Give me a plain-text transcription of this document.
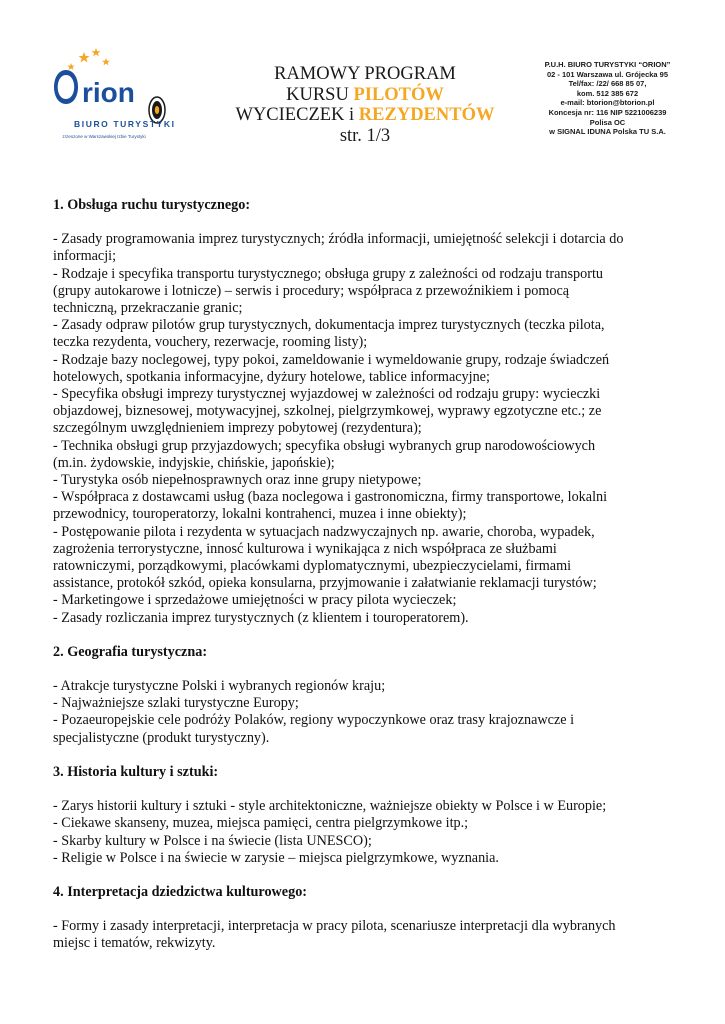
rion
BIURO TURYSTYKI
zrzeszone w Warszawskiej Izbie Turystyki
RAMOWY PROGRAM
KURSU PILOTÓW
WYCIECZEK i REZYDENTÓW
str. 1/3
P.U.H. BIURO TURYSTYKI “ORION”
02 - 101 Warszawa ul. Grójecka 95
Tel/fax: /22/ 668 85 07,
kom. 512 385 672
e-mail: btorion@btorion.pl
Koncesja nr: 116 NIP 5221006239
Polisa OC
w SIGNAL IDUNA Polska TU S.A.

1. Obsługa ruchu turystycznego:

- Zasady programowania imprez turystycznych; źródła informacji, umiejętność selekcji i dotarcia do
informacji;
- Rodzaje i specyfika transportu turystycznego; obsługa grupy z zależności od rodzaju transportu
(grupy autokarowe i lotnicze) – serwis i procedury; współpraca z przewoźnikiem i pomocą
techniczną, przekraczanie granic;
- Zasady odpraw pilotów grup turystycznych, dokumentacja imprez turystycznych (teczka pilota,
teczka rezydenta, vouchery, rezerwacje, rooming listy);
- Rodzaje bazy noclegowej, typy pokoi, zameldowanie i wymeldowanie grupy, rodzaje świadczeń
hotelowych, spotkania informacyjne, dyżury hotelowe, tablice informacyjne;
- Specyfika obsługi imprezy turystycznej wyjazdowej w zależności od rodzaju grupy: wycieczki
objazdowej, biznesowej, motywacyjnej, szkolnej, pielgrzymkowej, wyprawy egzotyczne etc.; ze
szczególnym uwzględnieniem imprezy pobytowej (rezydentura);
- Technika obsługi grup przyjazdowych; specyfika obsługi wybranych grup narodowościowych
(m.in. żydowskie, indyjskie, chińskie, japońskie);
- Turystyka osób niepełnosprawnych oraz inne grupy nietypowe;
- Współpraca z dostawcami usług (baza noclegowa i gastronomiczna, firmy transportowe, lokalni
przewodnicy, touroperatorzy, lokalni kontrahenci, muzea i inne obiekty);
- Postępowanie pilota i rezydenta w sytuacjach nadzwyczajnych np. awarie, choroba, wypadek,
zagrożenia terrorystyczne, innosć kulturowa i wynikająca z nich współpraca ze służbami
ratowniczymi, porządkowymi, placówkami dyplomatycznymi, ubezpieczycielami, firmami
assistance, protokół szkód, opieka konsularna, przyjmowanie i załatwianie reklamacji turystów;
- Marketingowe i sprzedażowe umiejętności w pracy pilota wycieczek;
- Zasady rozliczania imprez turystycznych (z klientem i touroperatorem).

2. Geografia turystyczna:

- Atrakcje turystyczne Polski i wybranych regionów kraju;
- Najważniejsze szlaki turystyczne Europy;
- Pozaeuropejskie cele podróży Polaków, regiony wypoczynkowe oraz trasy krajoznawcze i
specjalistyczne (produkt turystyczny).

3. Historia kultury i sztuki:

- Zarys historii kultury i sztuki - style architektoniczne, ważniejsze obiekty w Polsce i w Europie;
- Ciekawe skanseny, muzea, miejsca pamięci, centra pielgrzymkowe itp.;
- Skarby kultury w Polsce i na świecie (lista UNESCO);
- Religie w Polsce i na świecie w zarysie – miejsca pielgrzymkowe, wyznania.

4. Interpretacja dziedzictwa kulturowego:

- Formy i zasady interpretacji, interpretacja w pracy pilota, scenariusze interpretacji dla wybranych
miejsc i tematów, rekwizyty.
